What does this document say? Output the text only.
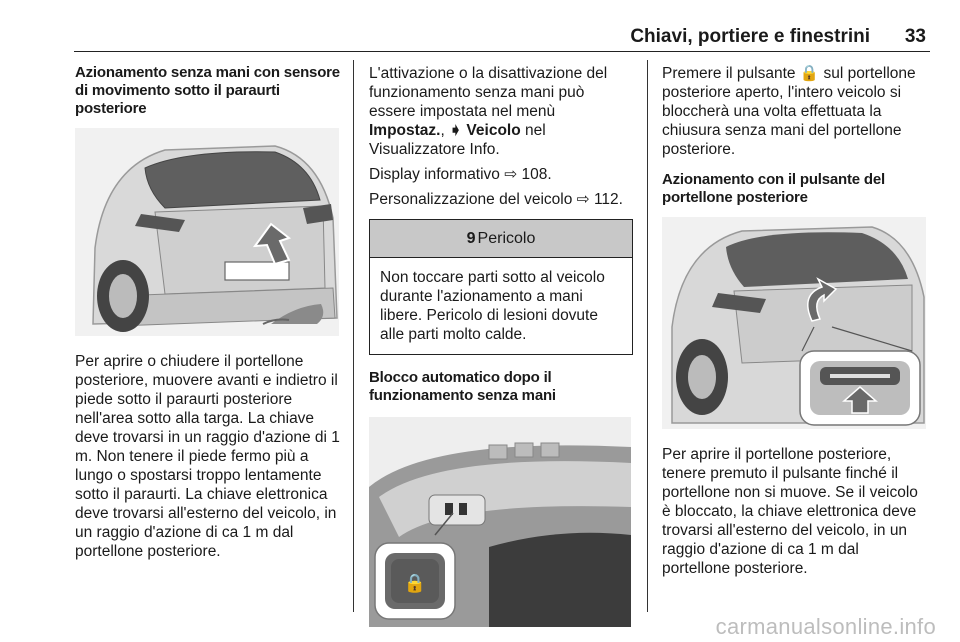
Chiavi, portiere e finestrini 33
Azionamento senza mani con sensore di movimento sotto il paraurti posteriore
Per aprire o chiudere il portellone posteriore, muovere avanti e indietro il piede sotto il paraurti posteriore nell'area sotto alla targa. La chiave deve trovarsi in un raggio d'azione di 1 m. Non tenere il piede fermo più a lungo o spostarsi troppo lentamente sotto il paraurti. La chiave elettronica deve trovarsi all'esterno del veicolo, in un raggio d'azione di ca 1 m dal portellone posteriore.
L'attivazione o la disattivazione del funzionamento senza mani può essere impostata nel menù Impostaz., ➧ Veicolo nel Visualizzatore Info.
Display informativo ⇨ 108.
Personalizzazione del veicolo ⇨ 112.
9 Pericolo
Non toccare parti sotto al veicolo durante l'azionamento a mani libere. Pericolo di lesioni dovute alle parti molto calde.
Blocco automatico dopo il funzionamento senza mani
🔒
Premere il pulsante 🔒 sul portellone posteriore aperto, l'intero veicolo si bloccherà una volta effettuata la chiusura senza mani del portellone posteriore.
Azionamento con il pulsante del portellone posteriore
Per aprire il portellone posteriore, tenere premuto il pulsante finché il portellone non si muove. Se il veicolo è bloccato, la chiave elettronica deve trovarsi all'esterno del veicolo, in un raggio d'azione di ca 1 m dal portellone posteriore.
carmanualsonline.info
